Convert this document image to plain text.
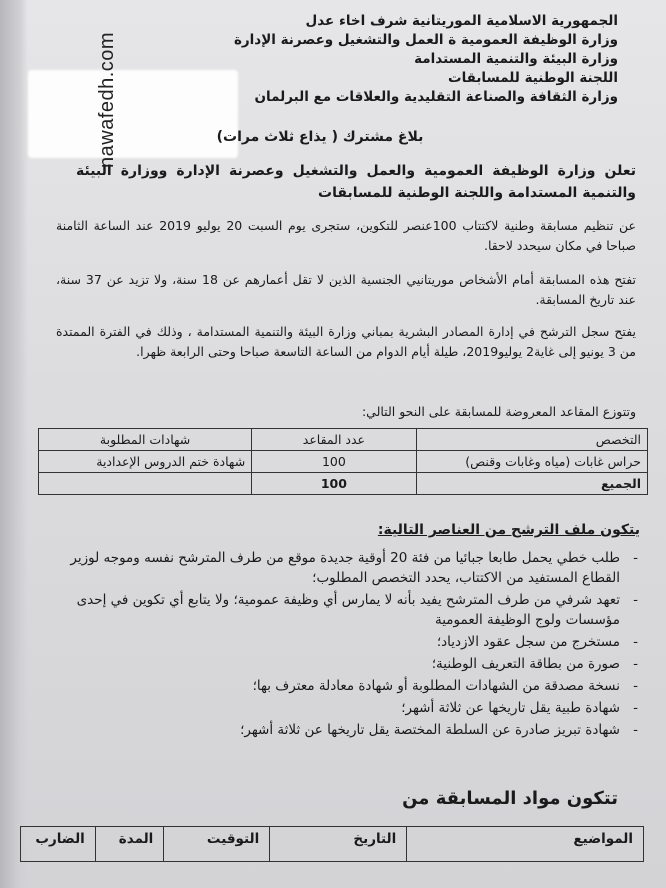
nawafedh.com
الجمهورية الاسلامية الموريتانية شرف اخاء عدل
وزارة الوظيفة العمومية ة العمل والتشغيل وعصرنة الإدارة
وزارة البيئة والتنمية المستدامة
اللجنة الوطنية للمسابقات
وزارة الثقافة والصناعة التقليدية والعلاقات مع البرلمان
بلاغ مشترك ( يذاع ثلاث مرات)
تعلن وزارة الوظيفة العمومية والعمل والتشغيل وعصرنة الإدارة ووزارة البيئة والتنمية المستدامة واللجنة الوطنية للمسابقات
عن تنظيم مسابقة وطنية لاكتتاب 100عنصر للتكوين، ستجرى يوم السبت 20 يوليو 2019 عند الساعة الثامنة صباحا في مكان سيحدد لاحقا.
تفتح هذه المسابقة أمام الأشخاص موريتانيي الجنسية الذين لا تقل أعمارهم عن 18 سنة، ولا تزيد عن 37 سنة، عند تاريخ المسابقة.
يفتح سجل الترشح في إدارة المصادر البشرية بمباني وزارة البيئة والتنمية المستدامة ، وذلك في الفترة الممتدة من 3 يونيو إلى غاية2 يوليو2019، طيلة أيام الدوام من الساعة التاسعة صباحا وحتى الرابعة ظهرا.
وتتوزع المقاعد المعروضة للمسابقة على النحو التالي:
التخصص	عدد المقاعد	شهادات المطلوبة
حراس غابات (مياه وغابات وقنص)	100	شهادة ختم الدروس الإعدادية
الجميع	100	
يتكون ملف الترشح من العناصر التالية:
- طلب خطي يحمل طابعا جبائيا من فئة 20 أوقية جديدة موقع من طرف المترشح نفسه وموجه لوزير القطاع المستفيد من الاكتتاب، يحدد التخصص المطلوب؛
- تعهد شرفي من طرف المترشح يفيد بأنه لا يمارس أي وظيفة عمومية؛ ولا يتابع أي تكوين في إحدى مؤسسات ولوج الوظيفة العمومية
- مستخرج من سجل عقود الازدياد؛
- صورة من بطاقة التعريف الوطنية؛
- نسخة مصدقة من الشهادات المطلوبة أو شهادة معادلة معترف بها؛
- شهادة طبية يقل تاريخها عن ثلاثة أشهر؛
- شهادة تبريز صادرة عن السلطة المختصة يقل تاريخها عن ثلاثة أشهر؛
تتكون مواد المسابقة من
المواضيع	التاريخ	التوقيت	المدة	الضارب
